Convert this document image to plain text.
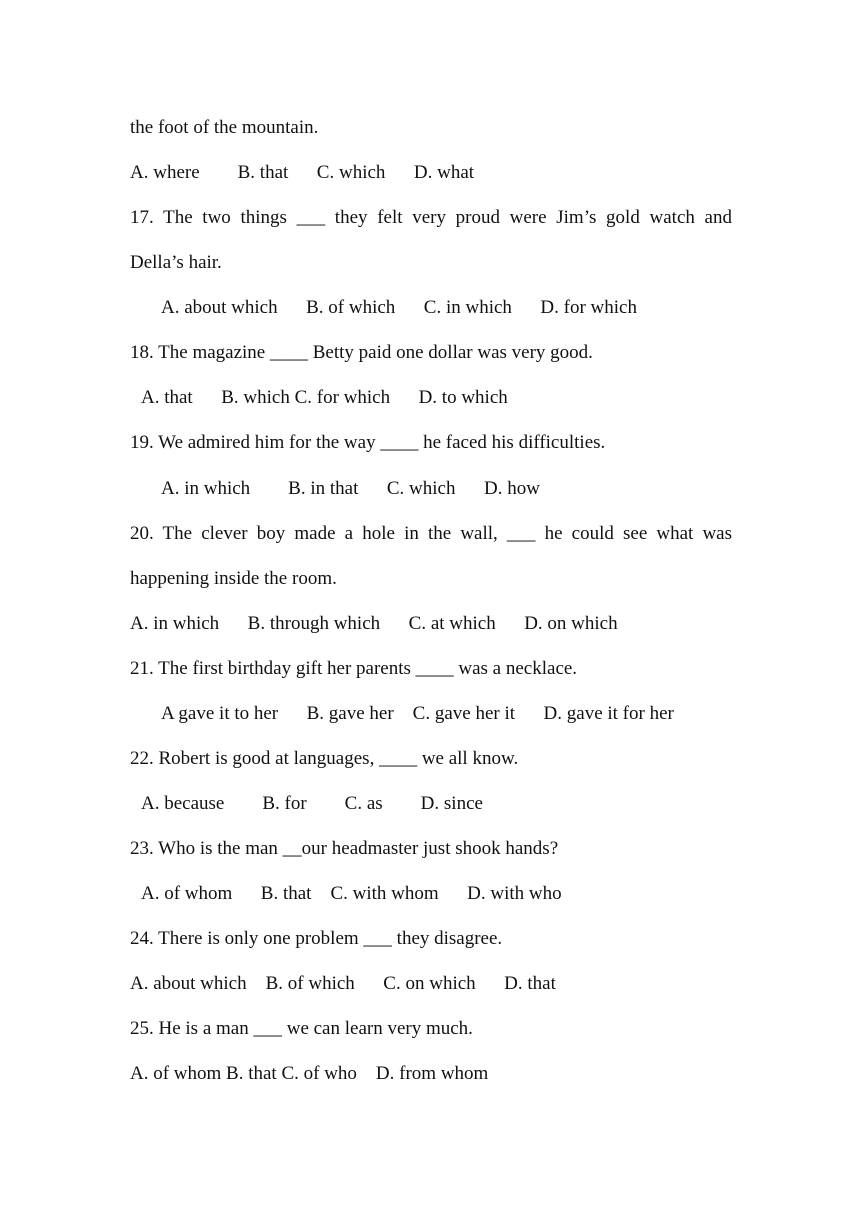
the foot of the mountain.

A. where        B. that      C. which      D. what

17. The two things ___ they felt very proud were Jim’s gold watch and

Della’s hair.

A. about which      B. of which      C. in which      D. for which

18. The magazine ____ Betty paid one dollar was very good.

A. that      B. which C. for which      D. to which

19. We admired him for the way ____ he faced his difficulties.

A. in which        B. in that      C. which      D. how

20. The clever boy made a hole in the wall, ___ he could see what was

happening inside the room.

A. in which      B. through which      C. at which      D. on which

21. The first birthday gift her parents ____ was a necklace.

A gave it to her      B. gave her    C. gave her it      D. gave it for her

22. Robert is good at languages, ____ we all know.

A. because        B. for        C. as        D. since

23. Who is the man __our headmaster just shook hands?

A. of whom      B. that    C. with whom      D. with who

24. There is only one problem ___ they disagree.

A. about which    B. of which      C. on which      D. that

25. He is a man ___ we can learn very much.

A. of whom B. that C. of who    D. from whom
